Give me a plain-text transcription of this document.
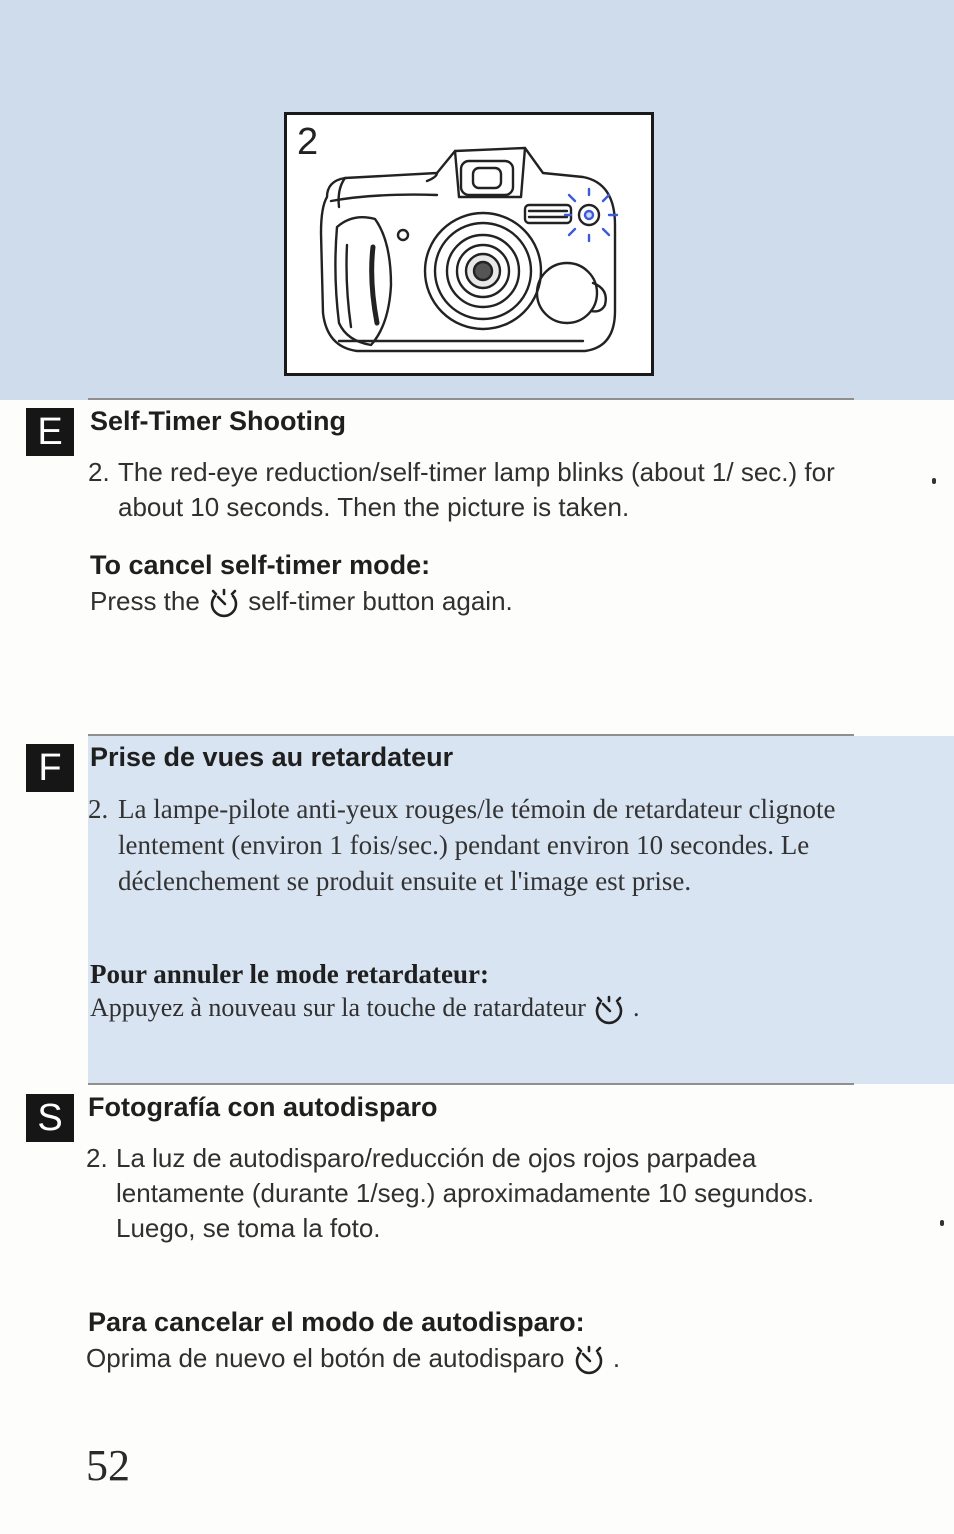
2
E	Self-Timer Shooting
2. The red-eye reduction/self-timer lamp blinks (about 1/ sec.) for about 10 seconds. Then the picture is taken.
To cancel self-timer mode:
Press the self-timer button again.
F	Prise de vues au retardateur
2. La lampe-pilote anti-yeux rouges/le témoin de retardateur clignote lentement (environ 1 fois/sec.) pendant environ 10 secondes. Le déclenchement se produit ensuite et l'image est prise.
Pour annuler le mode retardateur:
Appuyez à nouveau sur la touche de ratardateur .
S Fotografía con autodisparo
2. La luz de autodisparo/reducción de ojos rojos parpadea lentamente (durante 1/seg.) aproximadamente 10 segundos. Luego, se toma la foto.
Para cancelar el modo de autodisparo:
Oprima de nuevo el botón de autodisparo .
52
